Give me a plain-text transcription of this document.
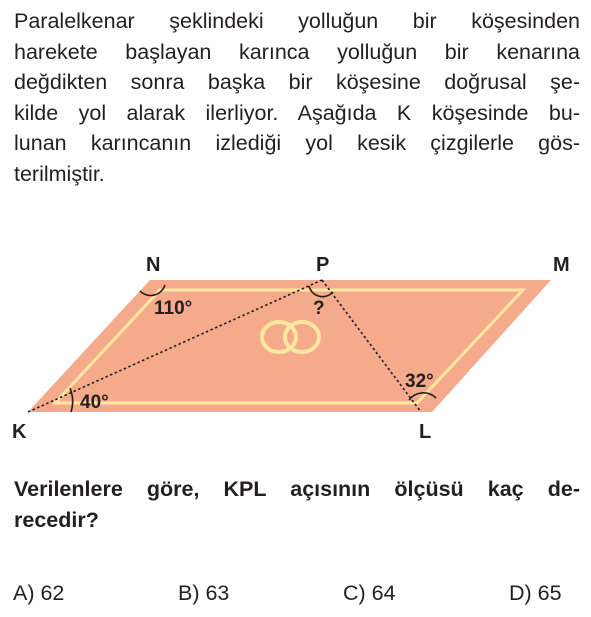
Paralelkenar şeklindeki yolluğun bir köşesinden
harekete başlayan karınca yolluğun bir kenarına
değdikten sonra başka bir köşesine doğrusal şe-
kilde yol alarak ilerliyor. Aşağıda K köşesinde bu-
lunan karıncanın izlediği yol kesik çizgilerle gös-
terilmiştir.
N	P	M
K	L
110°	?
40°
32°
Verilenlere göre, KPL açısının ölçüsü kaç de-
recedir?
A) 62	B) 63	C) 64	D) 65
